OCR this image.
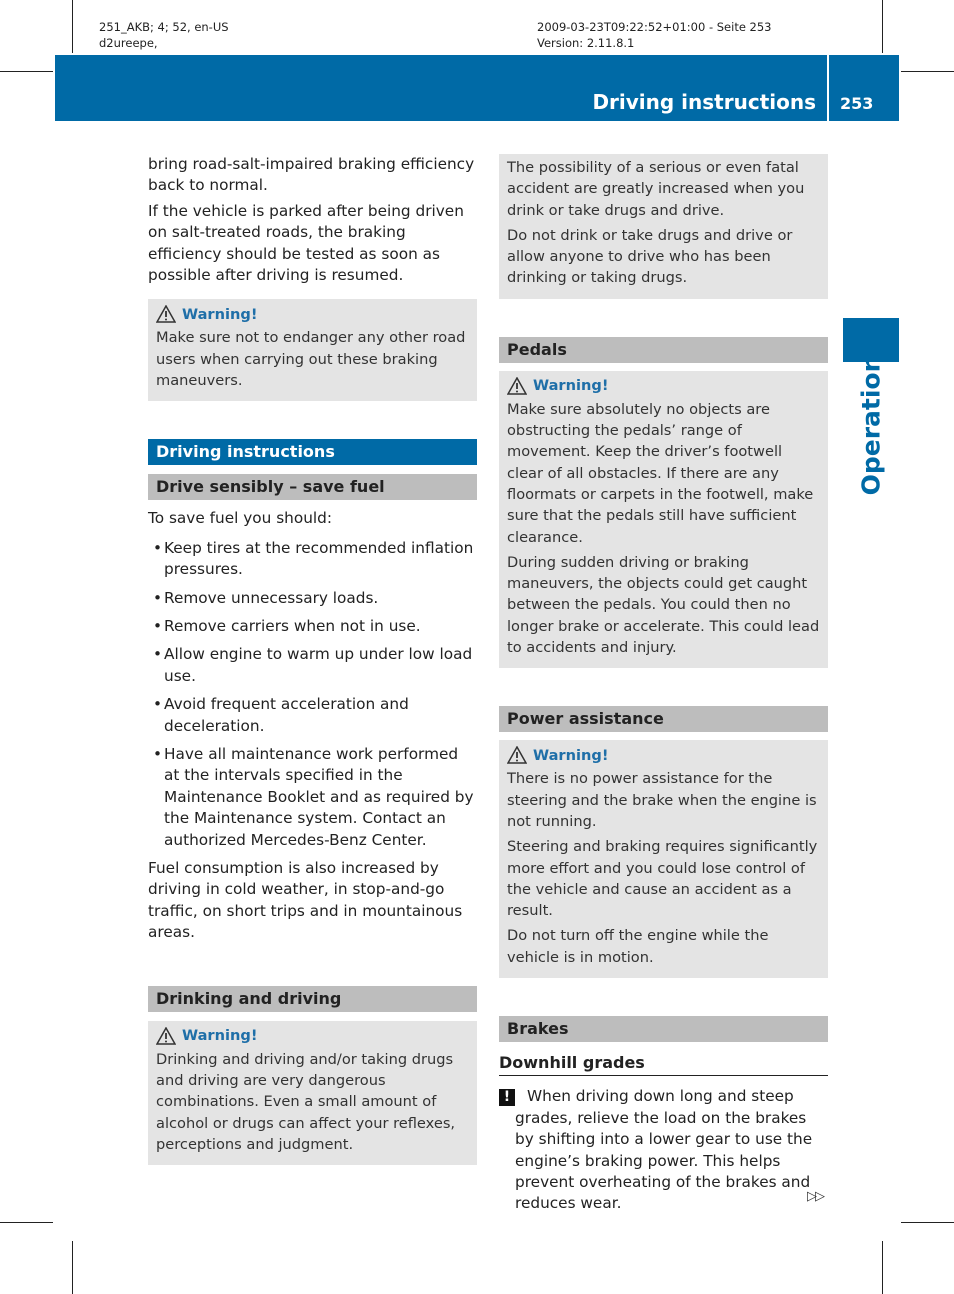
251_AKB; 4; 52, en-US
d2ureepe,
2009-03-23T09:22:52+01:00 - Seite 253
Version: 2.11.8.1
Driving instructions 253
Operation

bring road-salt-impaired braking efficiency back to normal.

If the vehicle is parked after being driven on salt-treated roads, the braking efficiency should be tested as soon as possible after driving is resumed.

Warning!

Make sure not to endanger any other road users when carrying out these braking maneuvers.

Driving instructions
Drive sensibly – save fuel

To save fuel you should:

• Keep tires at the recommended inflation pressures.
• Remove unnecessary loads.
• Remove carriers when not in use.
• Allow engine to warm up under low load use.
• Avoid frequent acceleration and deceleration.
• Have all maintenance work performed at the intervals specified in the Maintenance Booklet and as required by the Maintenance system. Contact an authorized Mercedes-Benz Center.

Fuel consumption is also increased by driving in cold weather, in stop-and-go traffic, on short trips and in mountainous areas.

Drinking and driving
Warning!

Drinking and driving and/or taking drugs and driving are very dangerous combinations. Even a small amount of alcohol or drugs can affect your reflexes, perceptions and judgment.

The possibility of a serious or even fatal accident are greatly increased when you drink or take drugs and drive.

Do not drink or take drugs and drive or allow anyone to drive who has been drinking or taking drugs.

Pedals
Warning!

Make sure absolutely no objects are obstructing the pedals’ range of movement. Keep the driver’s footwell clear of all obstacles. If there are any floormats or carpets in the footwell, make sure that the pedals still have sufficient clearance.

During sudden driving or braking maneuvers, the objects could get caught between the pedals. You could then no longer brake or accelerate. This could lead to accidents and injury.

Power assistance
Warning!

There is no power assistance for the steering and the brake when the engine is not running.

Steering and braking requires significantly more effort and you could lose control of the vehicle and cause an accident as a result.

Do not turn off the engine while the vehicle is in motion.

Brakes
Downhill grades
!	When driving down long and steep grades, relieve the load on the brakes by shifting into a lower gear to use the engine’s braking power. This helps prevent overheating of the brakes and reduces wear.	▷▷
